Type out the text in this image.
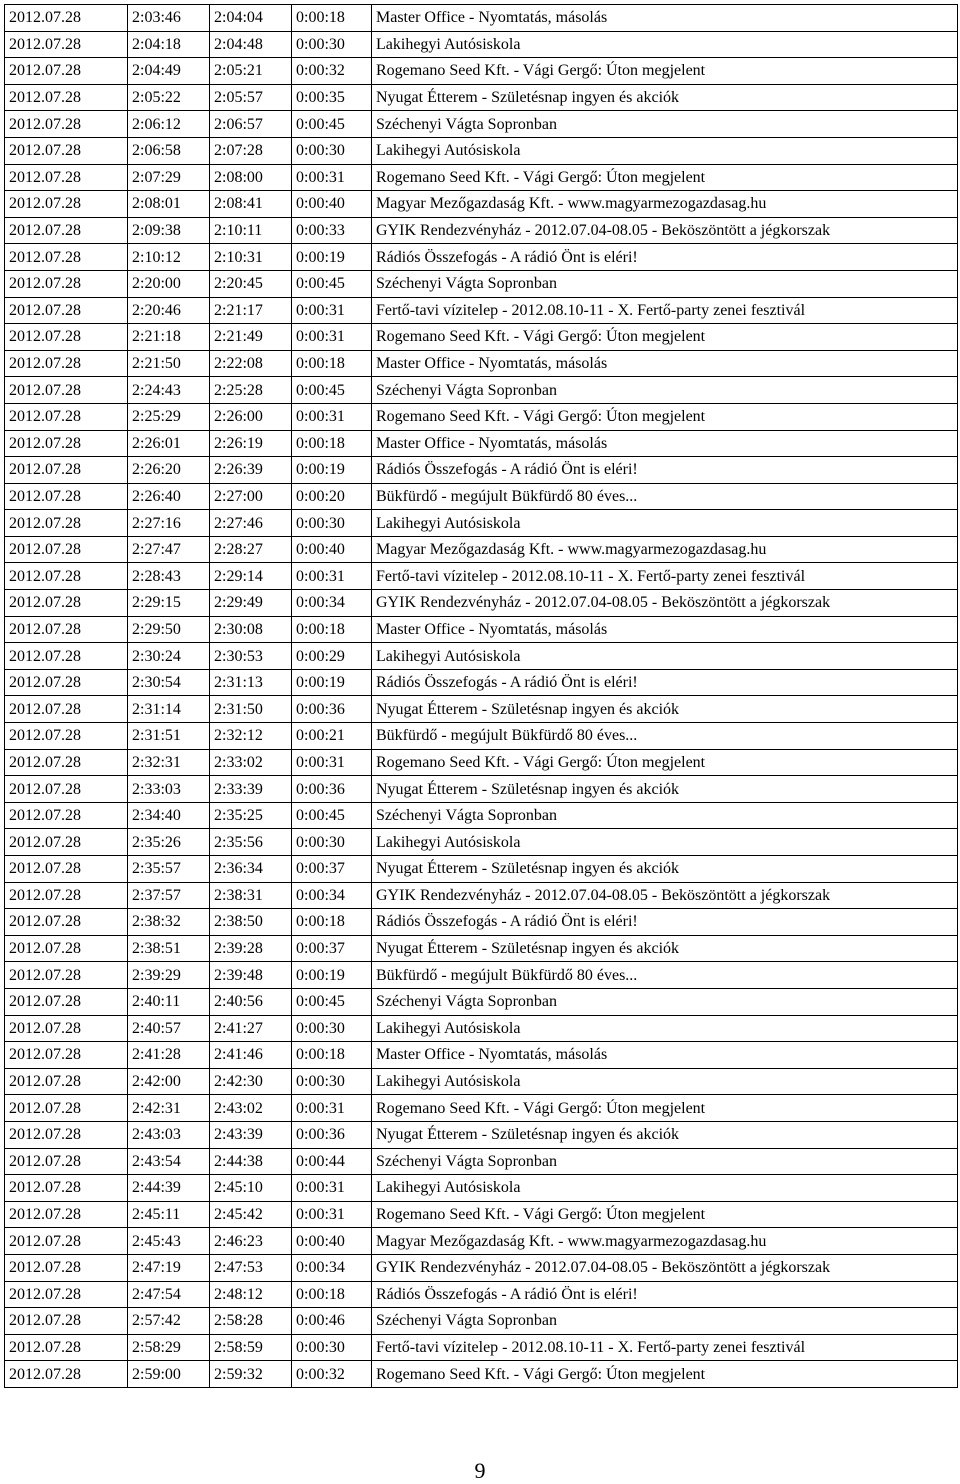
2012.07.28	2:03:46	2:04:04	0:00:18	Master Office - Nyomtatás, másolás
2012.07.28	2:04:18	2:04:48	0:00:30	Lakihegyi Autósiskola
2012.07.28	2:04:49	2:05:21	0:00:32	Rogemano Seed Kft. - Vági Gergő: Úton megjelent
2012.07.28	2:05:22	2:05:57	0:00:35	Nyugat Étterem - Születésnap ingyen és akciók
2012.07.28	2:06:12	2:06:57	0:00:45	Széchenyi Vágta Sopronban
2012.07.28	2:06:58	2:07:28	0:00:30	Lakihegyi Autósiskola
2012.07.28	2:07:29	2:08:00	0:00:31	Rogemano Seed Kft. - Vági Gergő: Úton megjelent
2012.07.28	2:08:01	2:08:41	0:00:40	Magyar Mezőgazdaság Kft. - www.magyarmezogazdasag.hu
2012.07.28	2:09:38	2:10:11	0:00:33	GYIK Rendezvényház - 2012.07.04-08.05 - Beköszöntött a jégkorszak
2012.07.28	2:10:12	2:10:31	0:00:19	Rádiós Összefogás - A rádió Önt is eléri!
2012.07.28	2:20:00	2:20:45	0:00:45	Széchenyi Vágta Sopronban
2012.07.28	2:20:46	2:21:17	0:00:31	Fertő-tavi vízitelep - 2012.08.10-11 - X. Fertő-party zenei fesztivál
2012.07.28	2:21:18	2:21:49	0:00:31	Rogemano Seed Kft. - Vági Gergő: Úton megjelent
2012.07.28	2:21:50	2:22:08	0:00:18	Master Office - Nyomtatás, másolás
2012.07.28	2:24:43	2:25:28	0:00:45	Széchenyi Vágta Sopronban
2012.07.28	2:25:29	2:26:00	0:00:31	Rogemano Seed Kft. - Vági Gergő: Úton megjelent
2012.07.28	2:26:01	2:26:19	0:00:18	Master Office - Nyomtatás, másolás
2012.07.28	2:26:20	2:26:39	0:00:19	Rádiós Összefogás - A rádió Önt is eléri!
2012.07.28	2:26:40	2:27:00	0:00:20	Bükfürdő - megújult Bükfürdő 80 éves...
2012.07.28	2:27:16	2:27:46	0:00:30	Lakihegyi Autósiskola
2012.07.28	2:27:47	2:28:27	0:00:40	Magyar Mezőgazdaság Kft. - www.magyarmezogazdasag.hu
2012.07.28	2:28:43	2:29:14	0:00:31	Fertő-tavi vízitelep - 2012.08.10-11 - X. Fertő-party zenei fesztivál
2012.07.28	2:29:15	2:29:49	0:00:34	GYIK Rendezvényház - 2012.07.04-08.05 - Beköszöntött a jégkorszak
2012.07.28	2:29:50	2:30:08	0:00:18	Master Office - Nyomtatás, másolás
2012.07.28	2:30:24	2:30:53	0:00:29	Lakihegyi Autósiskola
2012.07.28	2:30:54	2:31:13	0:00:19	Rádiós Összefogás - A rádió Önt is eléri!
2012.07.28	2:31:14	2:31:50	0:00:36	Nyugat Étterem - Születésnap ingyen és akciók
2012.07.28	2:31:51	2:32:12	0:00:21	Bükfürdő - megújult Bükfürdő 80 éves...
2012.07.28	2:32:31	2:33:02	0:00:31	Rogemano Seed Kft. - Vági Gergő: Úton megjelent
2012.07.28	2:33:03	2:33:39	0:00:36	Nyugat Étterem - Születésnap ingyen és akciók
2012.07.28	2:34:40	2:35:25	0:00:45	Széchenyi Vágta Sopronban
2012.07.28	2:35:26	2:35:56	0:00:30	Lakihegyi Autósiskola
2012.07.28	2:35:57	2:36:34	0:00:37	Nyugat Étterem - Születésnap ingyen és akciók
2012.07.28	2:37:57	2:38:31	0:00:34	GYIK Rendezvényház - 2012.07.04-08.05 - Beköszöntött a jégkorszak
2012.07.28	2:38:32	2:38:50	0:00:18	Rádiós Összefogás - A rádió Önt is eléri!
2012.07.28	2:38:51	2:39:28	0:00:37	Nyugat Étterem - Születésnap ingyen és akciók
2012.07.28	2:39:29	2:39:48	0:00:19	Bükfürdő - megújult Bükfürdő 80 éves...
2012.07.28	2:40:11	2:40:56	0:00:45	Széchenyi Vágta Sopronban
2012.07.28	2:40:57	2:41:27	0:00:30	Lakihegyi Autósiskola
2012.07.28	2:41:28	2:41:46	0:00:18	Master Office - Nyomtatás, másolás
2012.07.28	2:42:00	2:42:30	0:00:30	Lakihegyi Autósiskola
2012.07.28	2:42:31	2:43:02	0:00:31	Rogemano Seed Kft. - Vági Gergő: Úton megjelent
2012.07.28	2:43:03	2:43:39	0:00:36	Nyugat Étterem - Születésnap ingyen és akciók
2012.07.28	2:43:54	2:44:38	0:00:44	Széchenyi Vágta Sopronban
2012.07.28	2:44:39	2:45:10	0:00:31	Lakihegyi Autósiskola
2012.07.28	2:45:11	2:45:42	0:00:31	Rogemano Seed Kft. - Vági Gergő: Úton megjelent
2012.07.28	2:45:43	2:46:23	0:00:40	Magyar Mezőgazdaság Kft. - www.magyarmezogazdasag.hu
2012.07.28	2:47:19	2:47:53	0:00:34	GYIK Rendezvényház - 2012.07.04-08.05 - Beköszöntött a jégkorszak
2012.07.28	2:47:54	2:48:12	0:00:18	Rádiós Összefogás - A rádió Önt is eléri!
2012.07.28	2:57:42	2:58:28	0:00:46	Széchenyi Vágta Sopronban
2012.07.28	2:58:29	2:58:59	0:00:30	Fertő-tavi vízitelep - 2012.08.10-11 - X. Fertő-party zenei fesztivál
2012.07.28	2:59:00	2:59:32	0:00:32	Rogemano Seed Kft. - Vági Gergő: Úton megjelent
9
